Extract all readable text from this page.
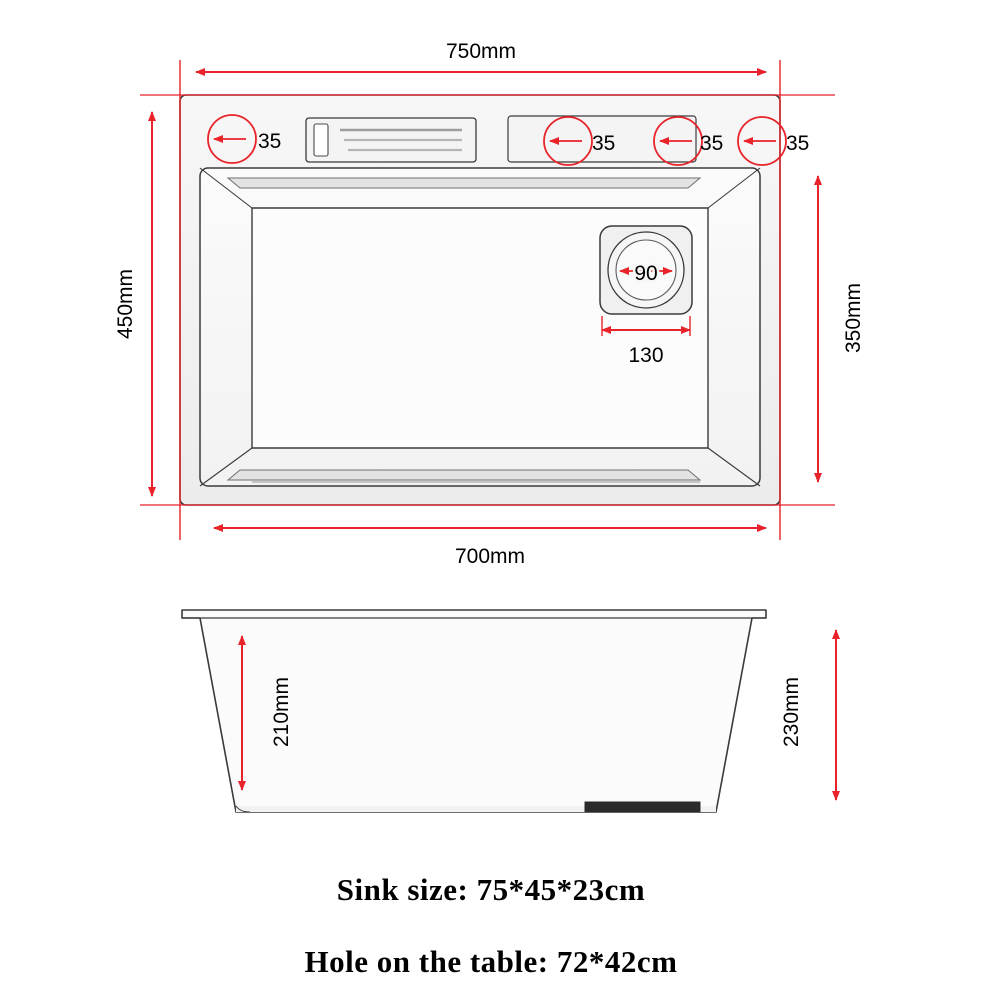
750mm
700mm
450mm	350mm
130
90
35	35	35	35
210mm	230mm
Sink size: 75*45*23cm
Hole on the table: 72*42cm
